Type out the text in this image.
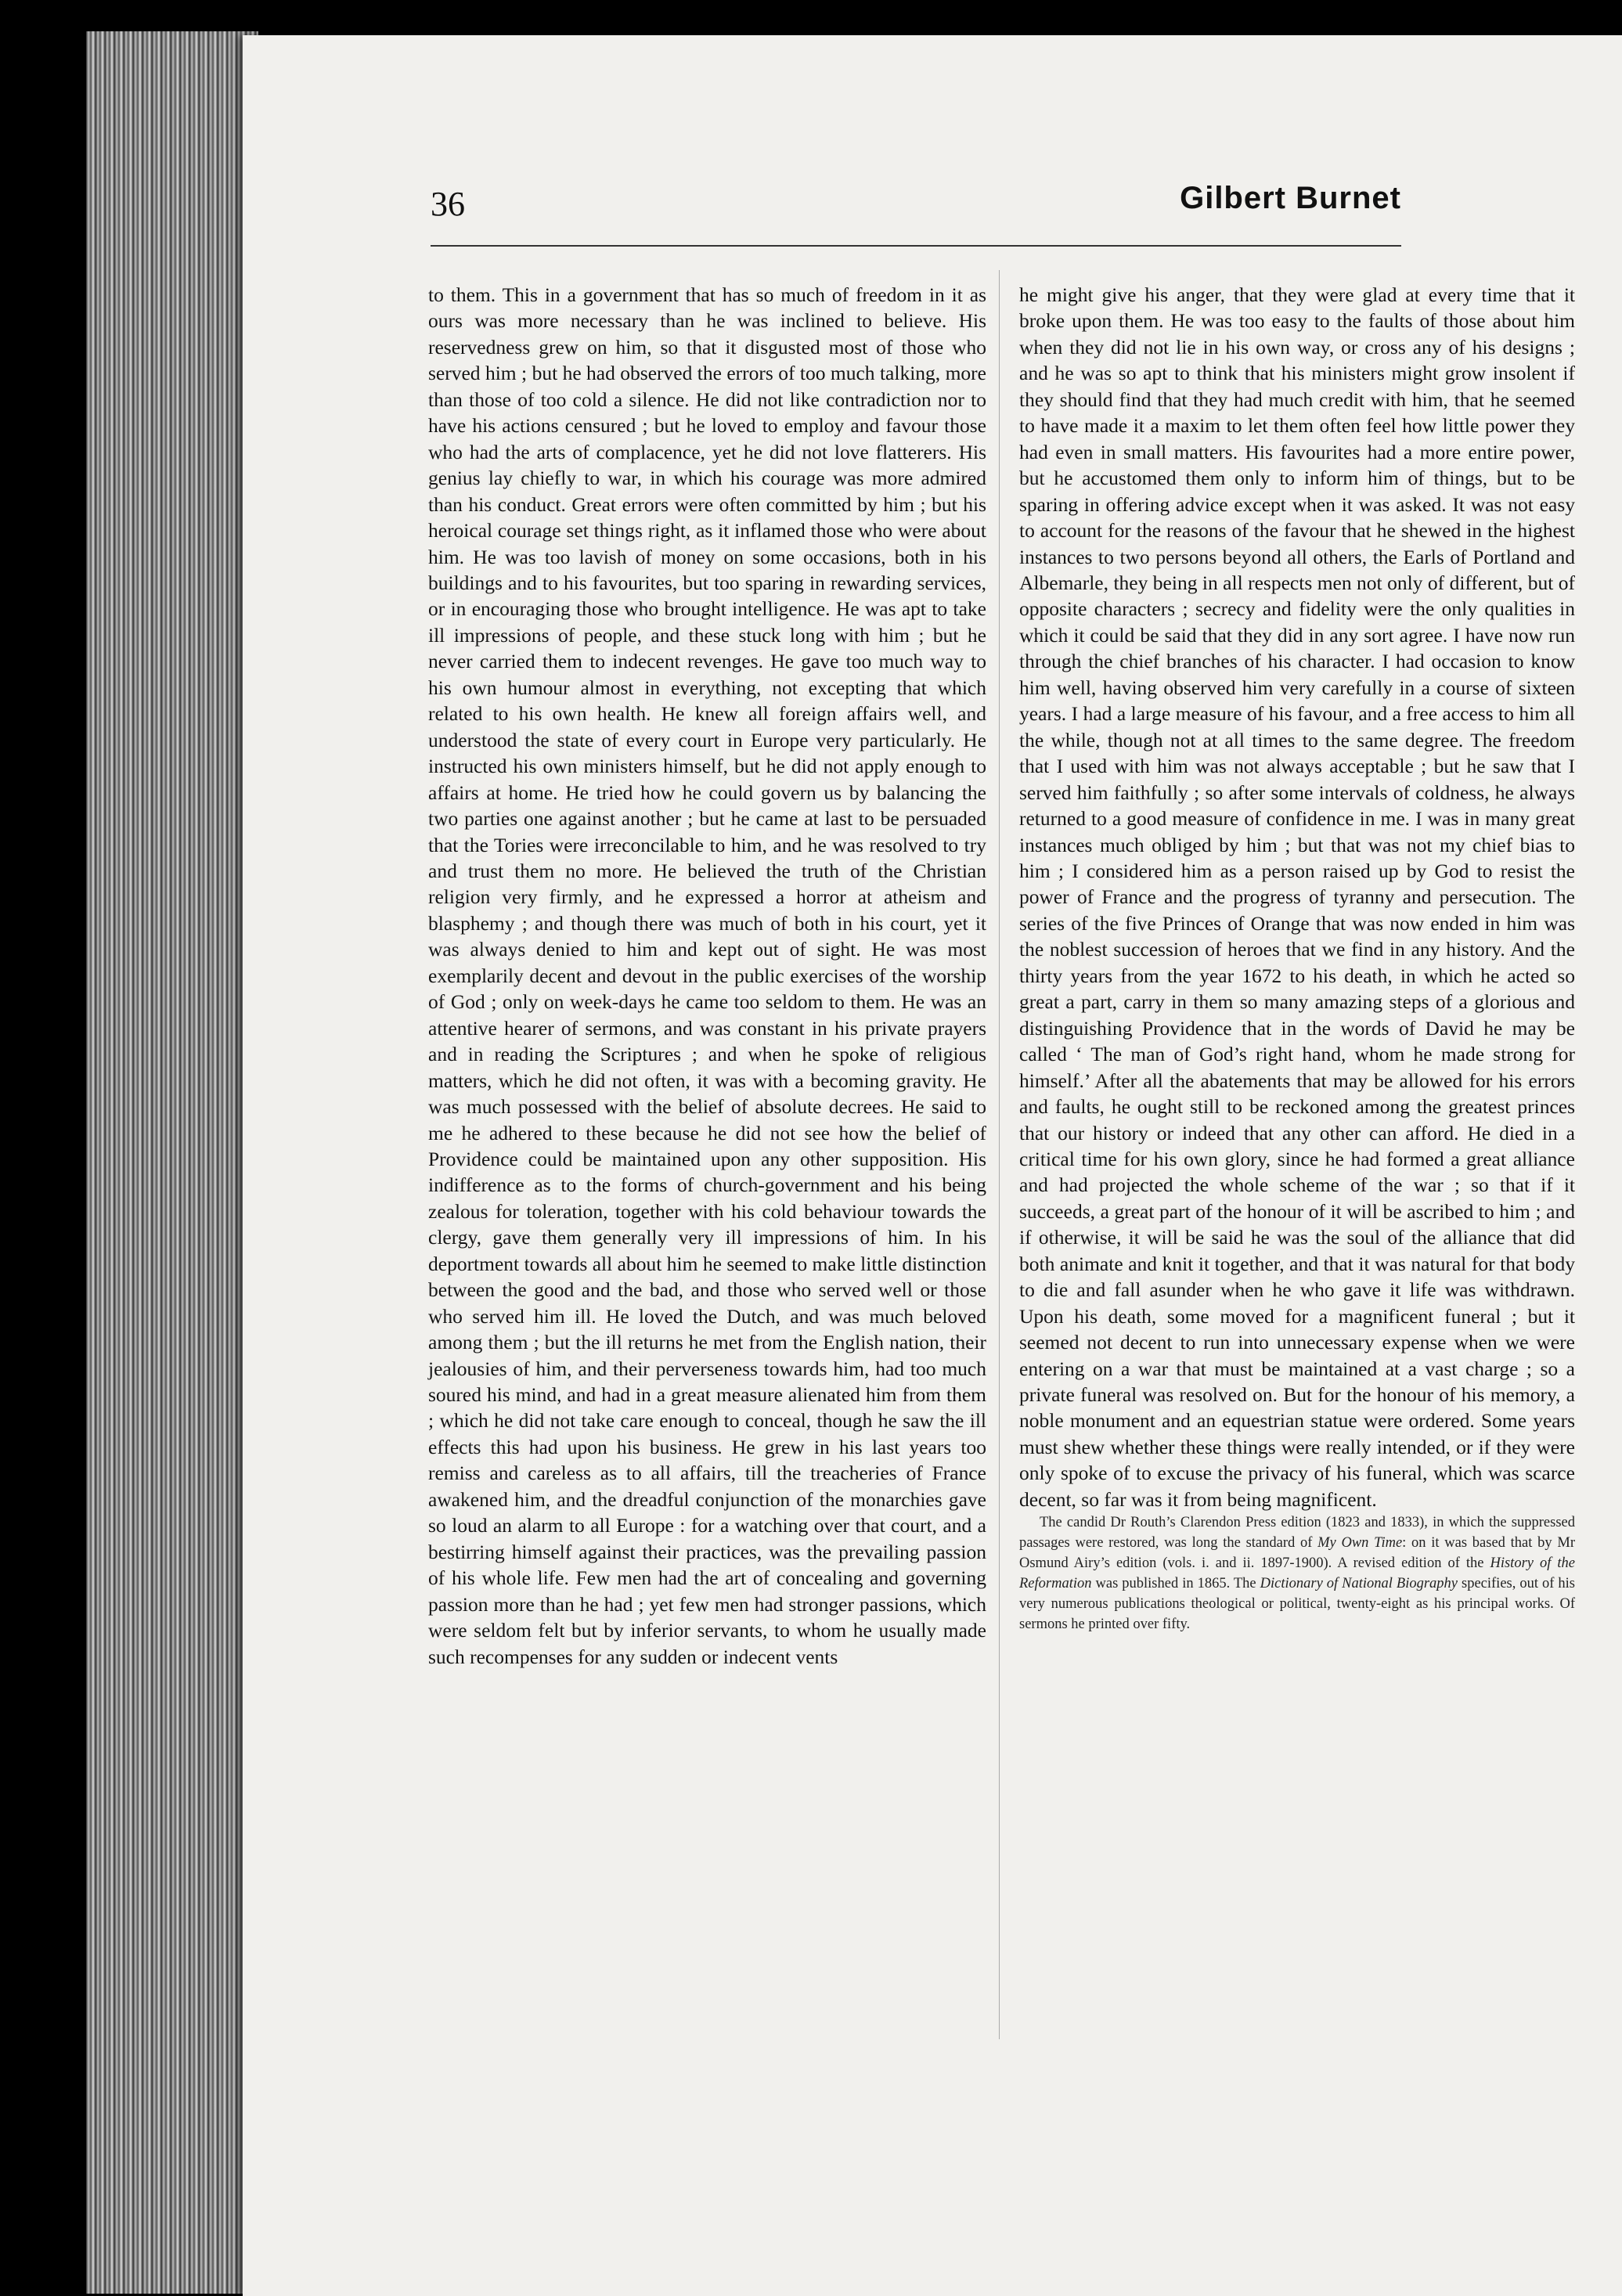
36	Gilbert Burnet

to them. This in a government that has so much of freedom in it as ours was more necessary than he was inclined to believe. His reservedness grew on him, so that it disgusted most of those who served him ; but he had observed the errors of too much talking, more than those of too cold a silence. He did not like contradiction nor to have his actions censured ; but he loved to employ and favour those who had the arts of complacence, yet he did not love flatterers. His genius lay chiefly to war, in which his courage was more admired than his conduct. Great errors were often committed by him ; but his heroical courage set things right, as it inflamed those who were about him. He was too lavish of money on some occasions, both in his buildings and to his favourites, but too sparing in rewarding services, or in encouraging those who brought intelligence. He was apt to take ill impressions of people, and these stuck long with him ; but he never carried them to indecent revenges. He gave too much way to his own humour almost in everything, not excepting that which related to his own health. He knew all foreign affairs well, and understood the state of every court in Europe very particularly. He instructed his own ministers himself, but he did not apply enough to affairs at home. He tried how he could govern us by balancing the two parties one against another ; but he came at last to be persuaded that the Tories were irreconcilable to him, and he was resolved to try and trust them no more. He believed the truth of the Christian religion very firmly, and he expressed a horror at atheism and blasphemy ; and though there was much of both in his court, yet it was always denied to him and kept out of sight. He was most exemplarily decent and devout in the public exercises of the worship of God ; only on week-days he came too seldom to them. He was an attentive hearer of sermons, and was constant in his private prayers and in reading the Scriptures ; and when he spoke of religious matters, which he did not often, it was with a becoming gravity. He was much possessed with the belief of absolute decrees. He said to me he adhered to these because he did not see how the belief of Providence could be maintained upon any other supposition. His indifference as to the forms of church-government and his being zealous for toleration, together with his cold behaviour towards the clergy, gave them generally very ill impressions of him. In his deportment towards all about him he seemed to make little distinction between the good and the bad, and those who served well or those who served him ill. He loved the Dutch, and was much beloved among them ; but the ill returns he met from the English nation, their jealousies of him, and their perverseness towards him, had too much soured his mind, and had in a great measure alienated him from them ; which he did not take care enough to conceal, though he saw the ill effects this had upon his business. He grew in his last years too remiss and careless as to all affairs, till the treacheries of France awakened him, and the dreadful conjunction of the monarchies gave so loud an alarm to all Europe : for a watching over that court, and a bestirring himself against their practices, was the prevailing passion of his whole life. Few men had the art of concealing and governing passion more than he had ; yet few men had stronger passions, which were seldom felt but by inferior servants, to whom he usually made such recompenses for any sudden or indecent vents

he might give his anger, that they were glad at every time that it broke upon them. He was too easy to the faults of those about him when they did not lie in his own way, or cross any of his designs ; and he was so apt to think that his ministers might grow insolent if they should find that they had much credit with him, that he seemed to have made it a maxim to let them often feel how little power they had even in small matters. His favourites had a more entire power, but he accustomed them only to inform him of things, but to be sparing in offering advice except when it was asked. It was not easy to account for the reasons of the favour that he shewed in the highest instances to two persons beyond all others, the Earls of Portland and Albemarle, they being in all respects men not only of different, but of opposite characters ; secrecy and fidelity were the only qualities in which it could be said that they did in any sort agree. I have now run through the chief branches of his character. I had occasion to know him well, having observed him very carefully in a course of sixteen years. I had a large measure of his favour, and a free access to him all the while, though not at all times to the same degree. The freedom that I used with him was not always acceptable ; but he saw that I served him faithfully ; so after some intervals of coldness, he always returned to a good measure of confidence in me. I was in many great instances much obliged by him ; but that was not my chief bias to him ; I considered him as a person raised up by God to resist the power of France and the progress of tyranny and persecution. The series of the five Princes of Orange that was now ended in him was the noblest succession of heroes that we find in any history. And the thirty years from the year 1672 to his death, in which he acted so great a part, carry in them so many amazing steps of a glorious and distinguishing Providence that in the words of David he may be called ‘ The man of God’s right hand, whom he made strong for himself.’ After all the abatements that may be allowed for his errors and faults, he ought still to be reckoned among the greatest princes that our history or indeed that any other can afford. He died in a critical time for his own glory, since he had formed a great alliance and had projected the whole scheme of the war ; so that if it succeeds, a great part of the honour of it will be ascribed to him ; and if otherwise, it will be said he was the soul of the alliance that did both animate and knit it together, and that it was natural for that body to die and fall asunder when he who gave it life was withdrawn. Upon his death, some moved for a magnificent funeral ; but it seemed not decent to run into unnecessary expense when we were entering on a war that must be maintained at a vast charge ; so a private funeral was resolved on. But for the honour of his memory, a noble monument and an equestrian statue were ordered. Some years must shew whether these things were really intended, or if they were only spoke of to excuse the privacy of his funeral, which was scarce decent, so far was it from being magnificent.

The candid Dr Routh’s Clarendon Press edition (1823 and 1833), in which the suppressed passages were restored, was long the standard of My Own Time: on it was based that by Mr Osmund Airy’s edition (vols. i. and ii. 1897-1900). A revised edition of the History of the Reformation was published in 1865. The Dictionary of National Biography specifies, out of his very numerous publications theological or political, twenty-eight as his principal works. Of sermons he printed over fifty.
